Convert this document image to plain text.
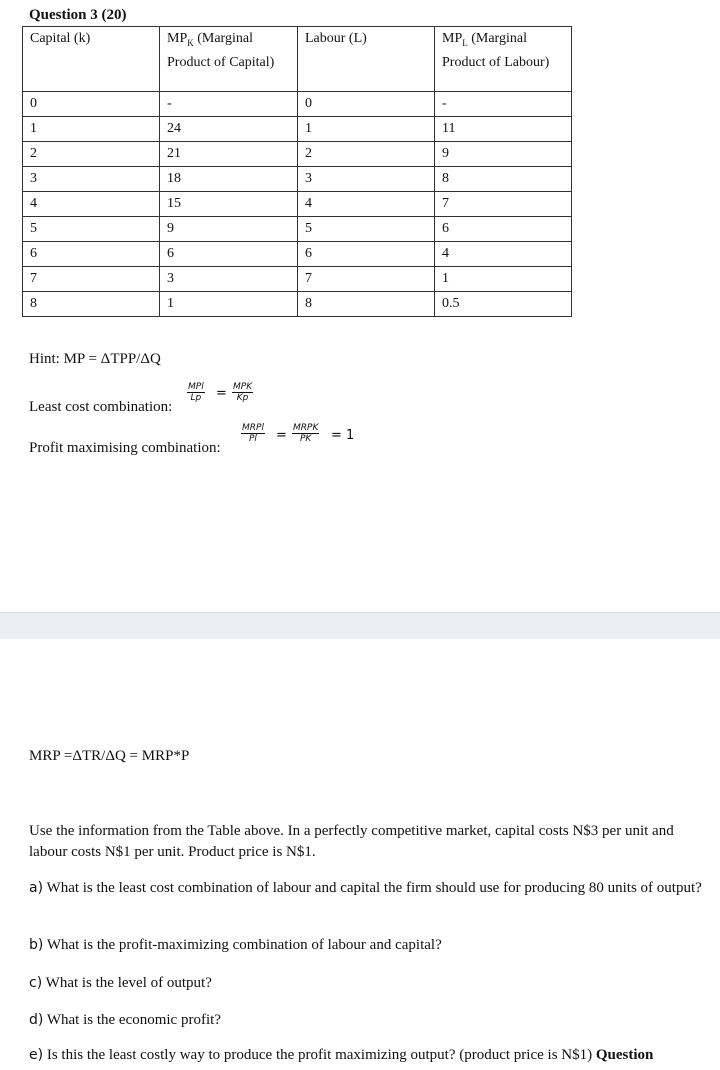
Question 3 (20)
Capital (k)	$MP_K$ (Marginal Product of Capital)	Labour (L)	$MP_L$ (Marginal Product of Labour)
0	-	0	-
1	24	1	11
2	21	2	9
3	18	3	8
4	15	4	7
5	9	5	6
6	6	6	4
7	3	7	1
8	1	8	0.5
Hint: MP = ΔTPP/ΔQ
Least cost combination:
MPl
Lp = MPK
Kp
Profit maximising combination:
MRPl
Pl	= MRPK
PK	= 1
MRP =ΔTR/ΔQ = MRP*P
Use the information from the Table above. In a perfectly competitive market, capital costs N$3 per unit and labour costs N$1 per unit. Product price is N$1.
a) What is the least cost combination of labour and capital the firm should use for producing 80 units of output?
b) What is the profit-maximizing combination of labour and capital?
c) What is the level of output?
d) What is the economic profit?
e) Is this the least costly way to produce the profit maximizing output? (product price is N$1) Question
